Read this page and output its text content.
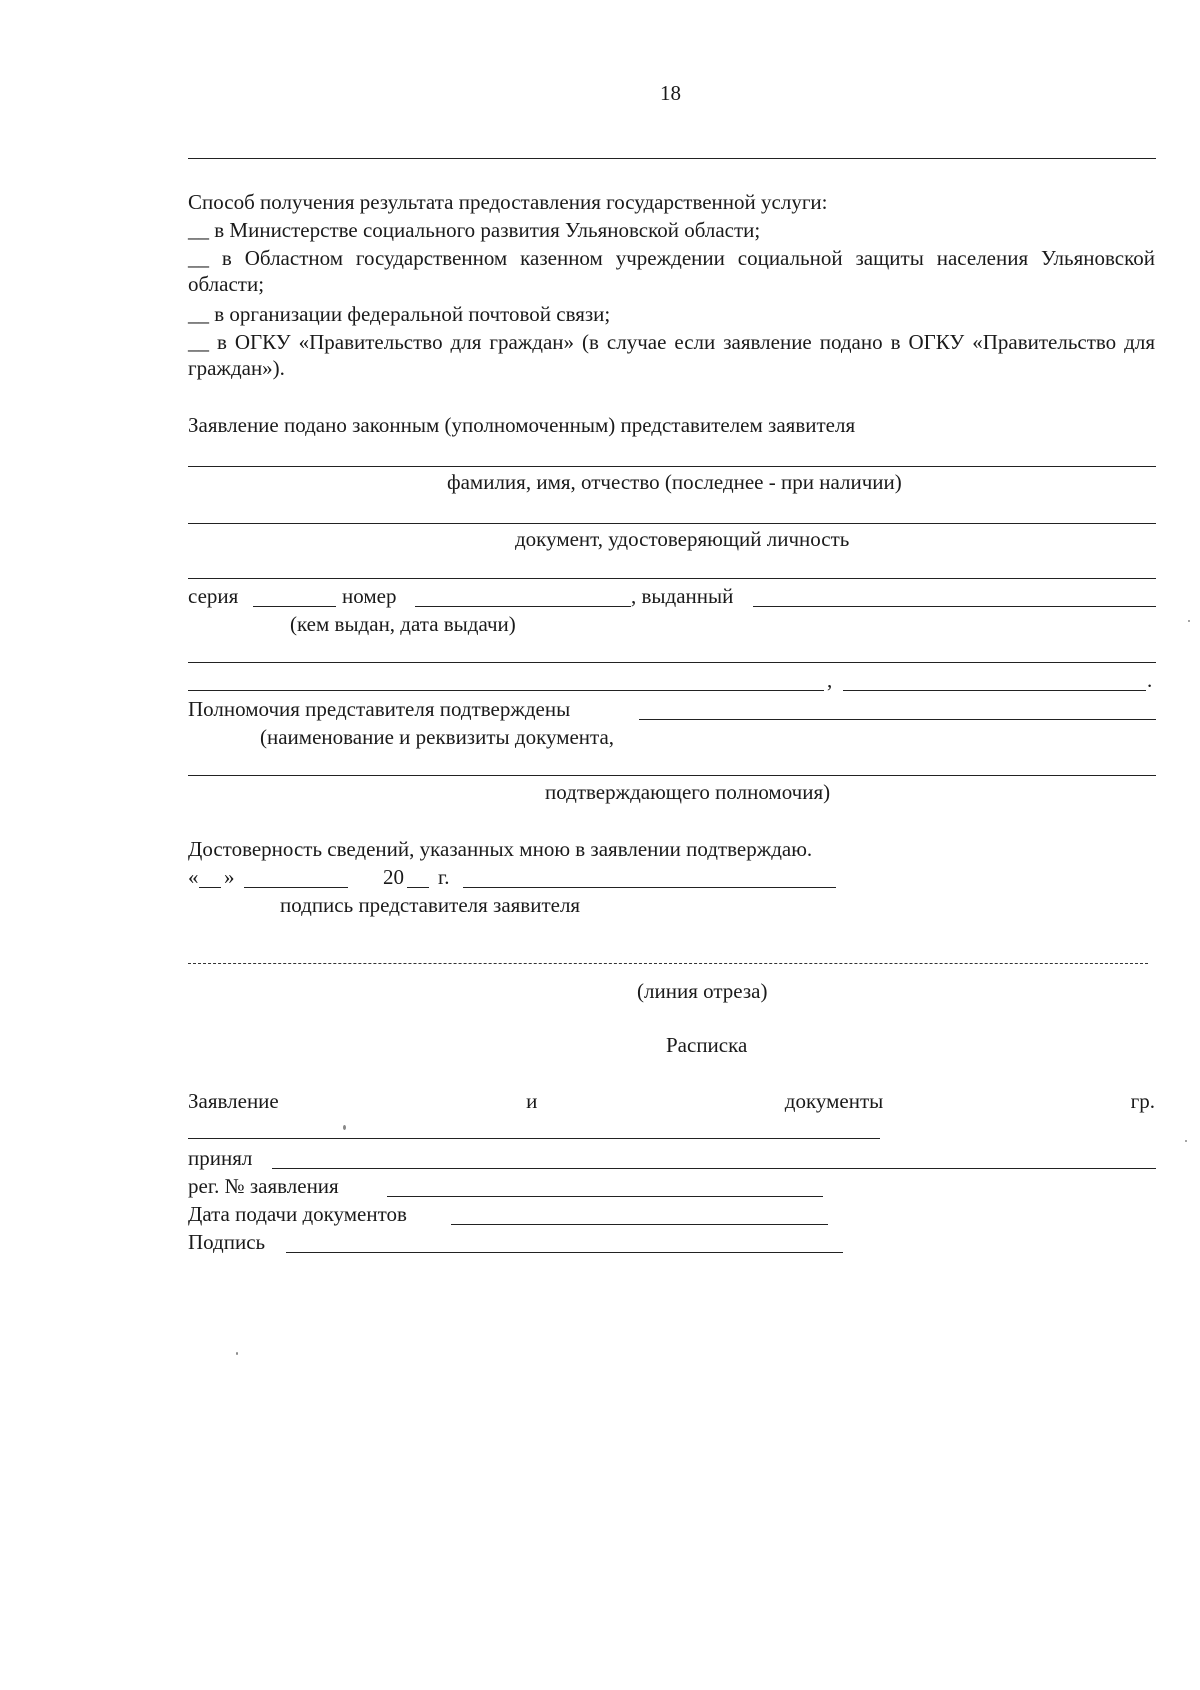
18
Способ получения результата предоставления государственной услуги:
__ в Министерстве социального развития Ульяновской области;
__ в Областном государственном казенном учреждении социальной защиты населения Ульяновской области;
__ в организации федеральной почтовой связи;
__ в ОГКУ «Правительство для граждан» (в случае если заявление подано в ОГКУ «Правительство для граждан»).
Заявление подано законным (уполномоченным) представителем заявителя
фамилия, имя, отчество (последнее - при наличии)
документ, удостоверяющий личность
серия	номер	, выданный
(кем выдан, дата выдачи)
,	.
Полномочия представителя подтверждены
(наименование и реквизиты документа,
подтверждающего полномочия)
Достоверность сведений, указанных мною в заявлении подтверждаю.
« »	20 г.
подпись представителя заявителя
(линия отреза)
Расписка
Заявление	и	документы	гр.
принял
рег. № заявления
Дата подачи документов
Подпись
